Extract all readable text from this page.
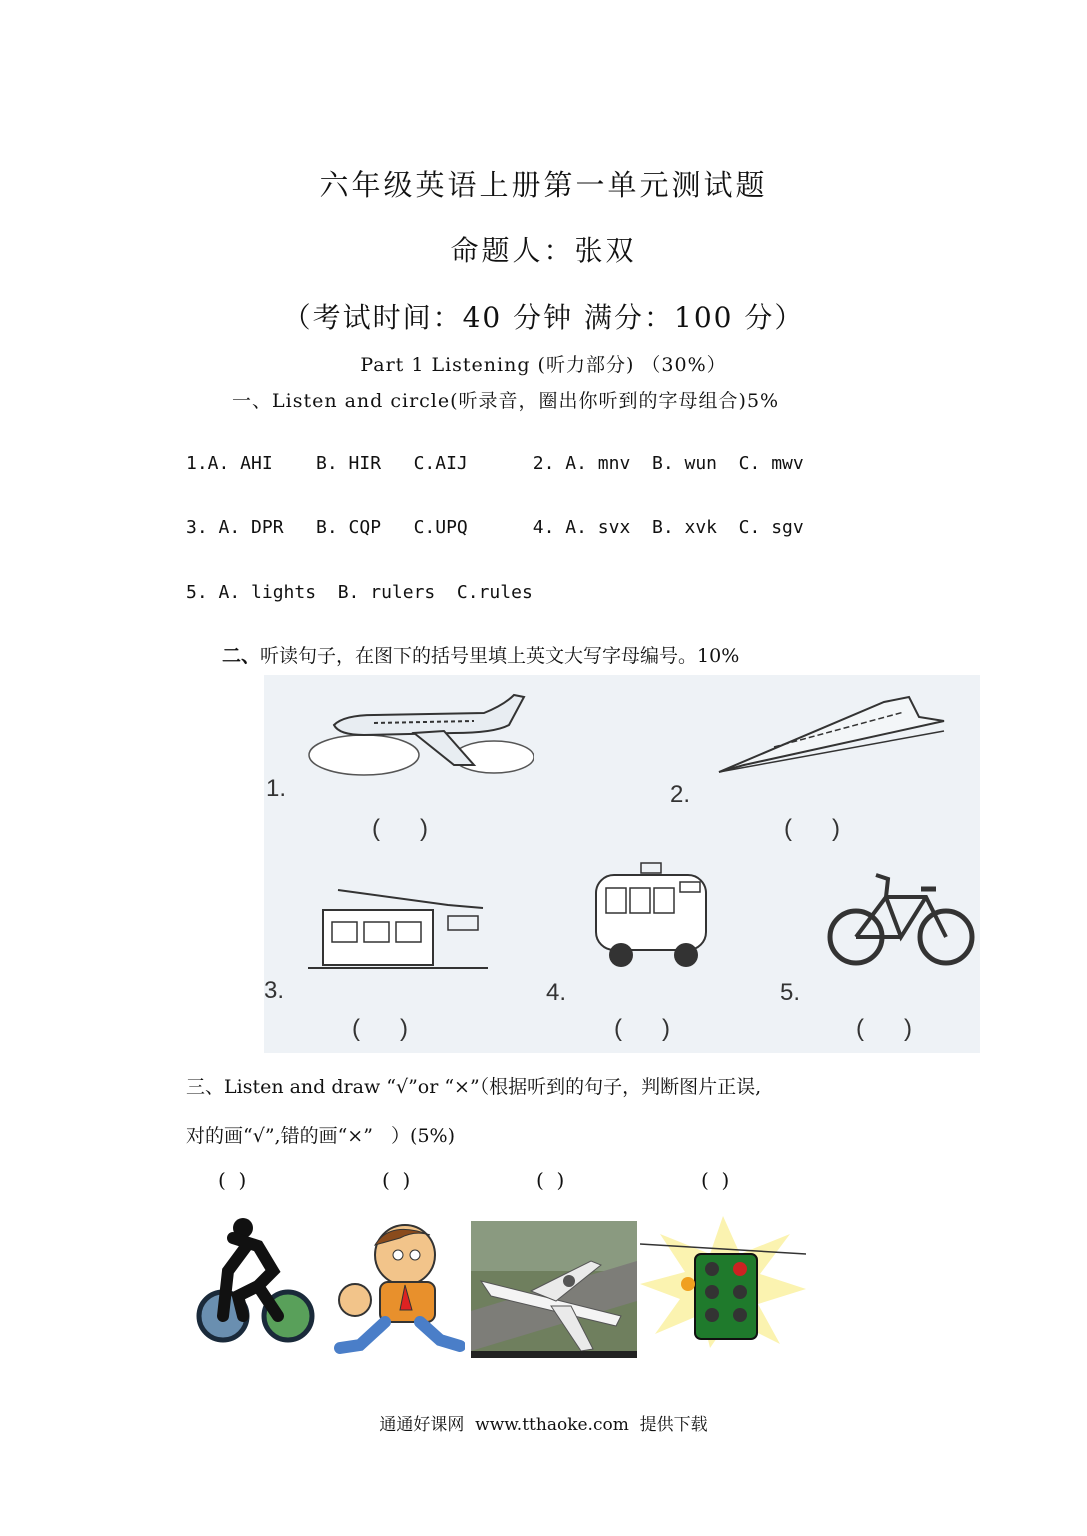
六年级英语上册第一单元测试题
命题人：张双
（考试时间：40 分钟 满分：100 分）
Part 1 Listening (听力部分) （30%）
一、Listen and circle(听录音，圈出你听到的字母组合)5%
1.A. AHI    B. HIR   C.AIJ      2. A. mnv  B. wun  C. mwv
3. A. DPR   B. CQP   C.UPQ      4. A. svx  B. xvk  C. sgv
5. A. lights  B. rulers  C.rules
二、听读句子，在图下的括号里填上英文大写字母编号。10%
1.
(      )
2.
(      )
3.
(      )
4.
(      )
5.
(      )
三、Listen and draw “√”or “×”（根据听到的句子，判断图片正误,
对的画“√”,错的画“×”   ）(5%)
(  )	(  )	(  )	(  )
通通好课网  www.tthaoke.com  提供下载
